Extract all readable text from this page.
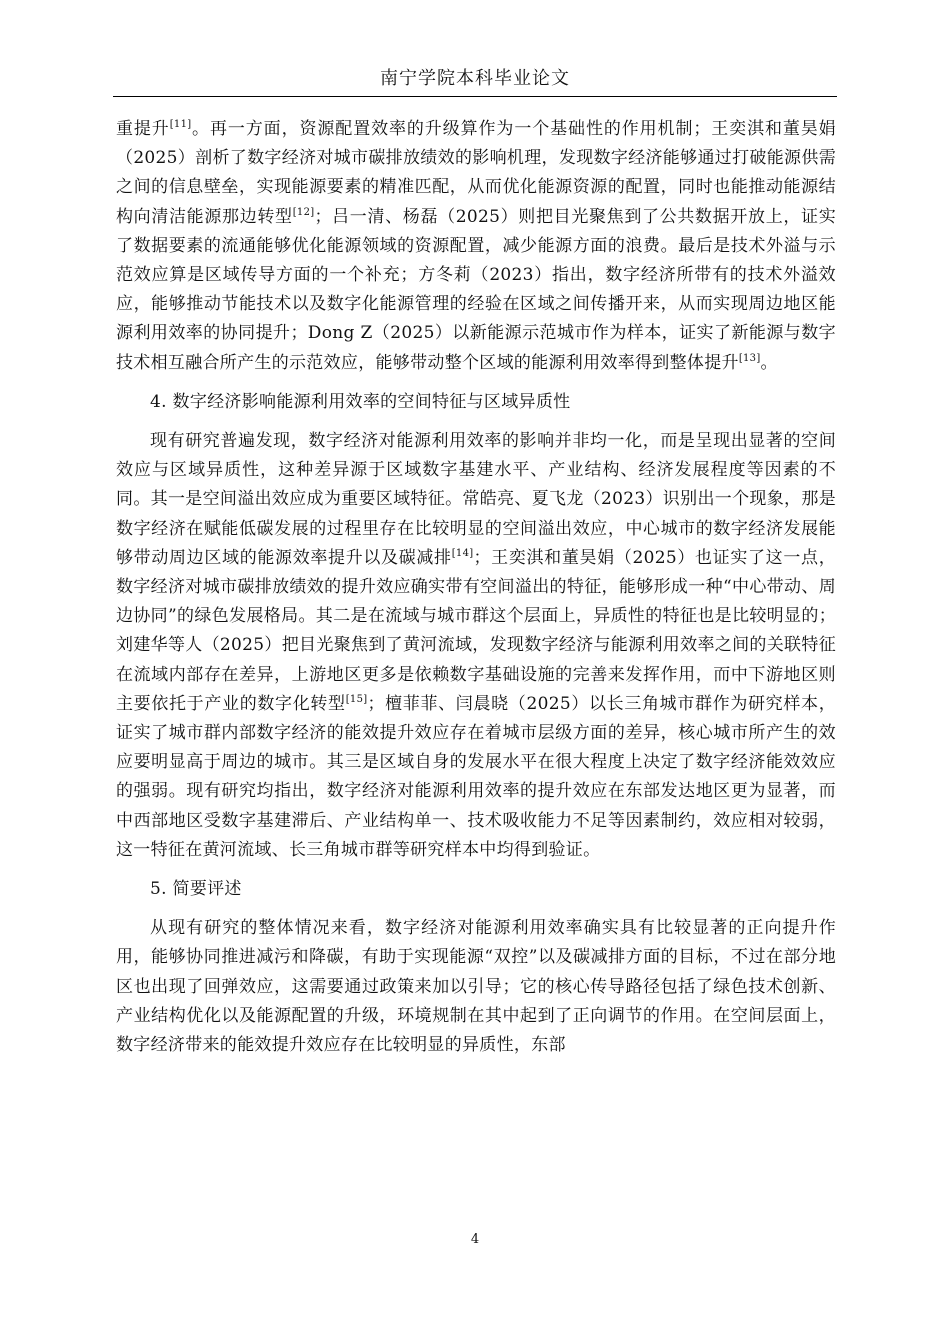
南宁学院本科毕业论文

重提升[11]。再一方面，资源配置效率的升级算作为一个基础性的作用机制；王奕淇和董昊娟（2025）剖析了数字经济对城市碳排放绩效的影响机理，发现数字经济能够通过打破能源供需之间的信息壁垒，实现能源要素的精准匹配，从而优化能源资源的配置，同时也能推动能源结构向清洁能源那边转型[12]；吕一清、杨磊（2025）则把目光聚焦到了公共数据开放上，证实了数据要素的流通能够优化能源领域的资源配置，减少能源方面的浪费。最后是技术外溢与示范效应算是区域传导方面的一个补充；方冬莉（2023）指出，数字经济所带有的技术外溢效应，能够推动节能技术以及数字化能源管理的经验在区域之间传播开来，从而实现周边地区能源利用效率的协同提升；Dong Z（2025）以新能源示范城市作为样本，证实了新能源与数字技术相互融合所产生的示范效应，能够带动整个区域的能源利用效率得到整体提升[13]。

4. 数字经济影响能源利用效率的空间特征与区域异质性

现有研究普遍发现，数字经济对能源利用效率的影响并非均一化，而是呈现出显著的空间效应与区域异质性，这种差异源于区域数字基建水平、产业结构、经济发展程度等因素的不同。其一是空间溢出效应成为重要区域特征。常皓亮、夏飞龙（2023）识别出一个现象，那是数字经济在赋能低碳发展的过程里存在比较明显的空间溢出效应，中心城市的数字经济发展能够带动周边区域的能源效率提升以及碳减排[14]；王奕淇和董昊娟（2025）也证实了这一点，数字经济对城市碳排放绩效的提升效应确实带有空间溢出的特征，能够形成一种“中心带动、周边协同”的绿色发展格局。其二是在流域与城市群这个层面上，异质性的特征也是比较明显的；刘建华等人（2025）把目光聚焦到了黄河流域，发现数字经济与能源利用效率之间的关联特征在流域内部存在差异，上游地区更多是依赖数字基础设施的完善来发挥作用，而中下游地区则主要依托于产业的数字化转型[15]；檀菲菲、闫晨晓（2025）以长三角城市群作为研究样本，证实了城市群内部数字经济的能效提升效应存在着城市层级方面的差异，核心城市所产生的效应要明显高于周边的城市。其三是区域自身的发展水平在很大程度上决定了数字经济能效效应的强弱。现有研究均指出，数字经济对能源利用效率的提升效应在东部发达地区更为显著，而中西部地区受数字基建滞后、产业结构单一、技术吸收能力不足等因素制约，效应相对较弱，这一特征在黄河流域、长三角城市群等研究样本中均得到验证。

5. 简要评述

从现有研究的整体情况来看，数字经济对能源利用效率确实具有比较显著的正向提升作用，能够协同推进减污和降碳，有助于实现能源“双控”以及碳减排方面的目标，不过在部分地区也出现了回弹效应，这需要通过政策来加以引导；它的核心传导路径包括了绿色技术创新、产业结构优化以及能源配置的升级，环境规制在其中起到了正向调节的作用。在空间层面上，数字经济带来的能效提升效应存在比较明显的异质性，东部

4
